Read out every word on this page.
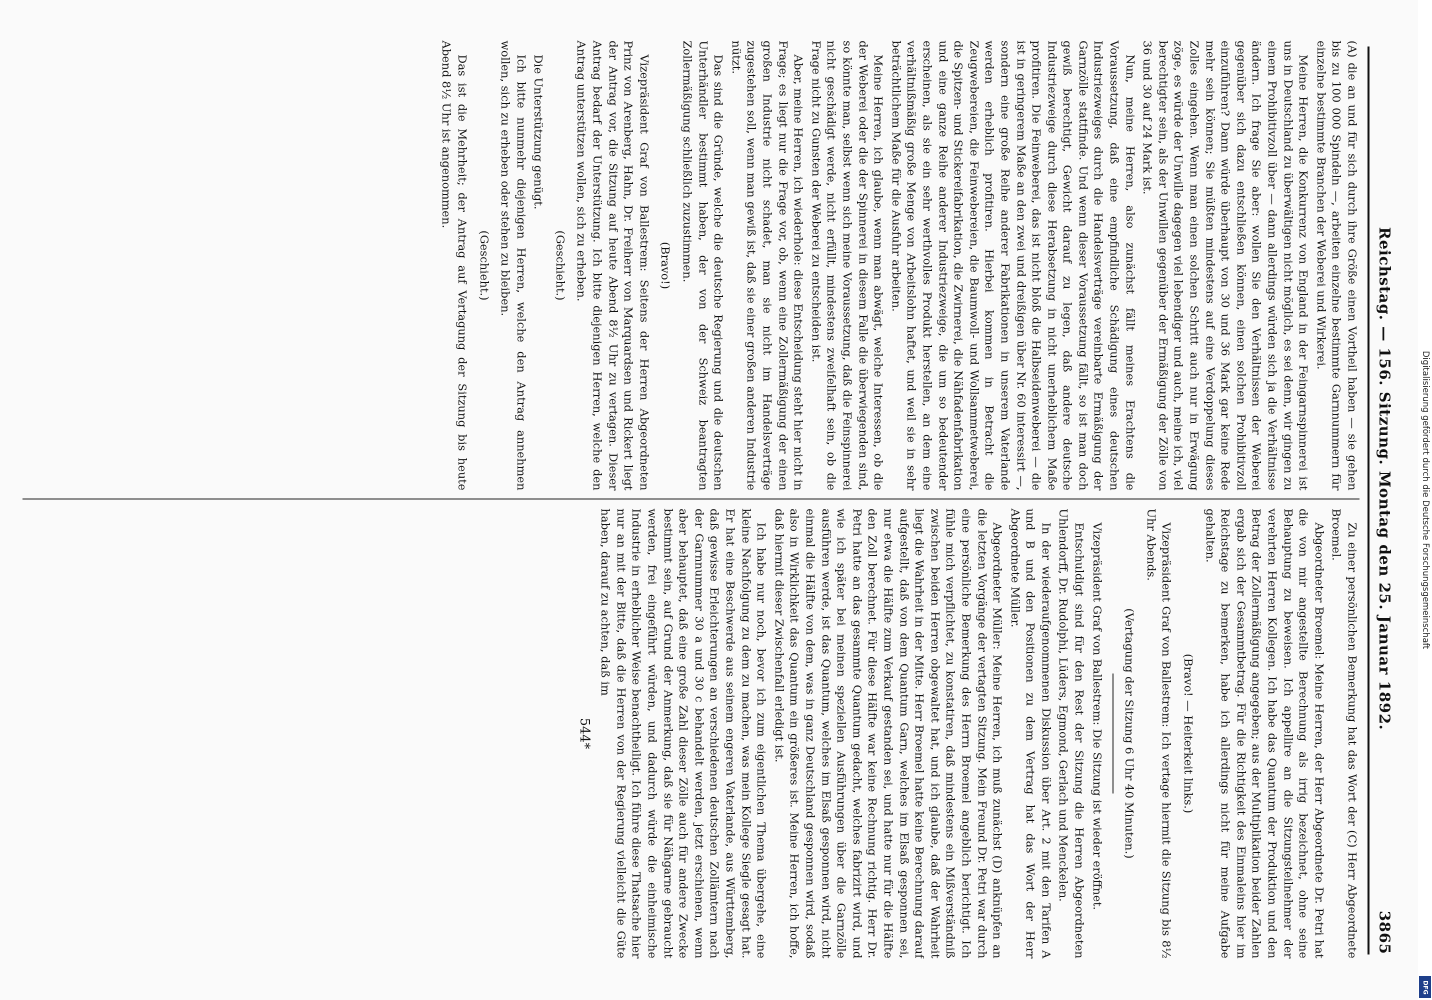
Reichstag. — 156. Sitzung. Montag den 25. Januar 1892.
3865

(A) die an und für sich durch ihre Größe einen Vortheil haben — sie gehen bis zu 100 000 Spindeln —, arbeiten einzelne bestimmte Garnnummern für einzelne bestimmte Branchen der Weberei und Wirkerei.

Meine Herren, die Konkurrenz von England in der Feingarnspinnerei ist uns in Deutschland zu überwältigen nicht möglich, es sei denn, wir gingen zu einem Prohibitivzoll über — dann allerdings würden sich ja die Verhältnisse ändern. Ich frage Sie aber: wollen Sie den Verhältnissen der Weberei gegenüber sich dazu entschließen können, einen solchen Prohibitivzoll einzuführen? Dann würde überhaupt von 30 und 36 Mark gar keine Rede mehr sein können; Sie müßten mindestens auf eine Verdoppelung dieses Zolles eingehen. Wenn man einen solchen Schritt auch nur in Erwägung zöge, es würde der Unwille dagegen viel lebendiger und auch, meine ich, viel berechtigter sein, als der Unwillen gegenüber der Ermäßigung der Zölle von 36 und 30 auf 24 Mark ist.

Nun, meine Herren, also zunächst fällt meines Erachtens die Voraussetzung, daß eine empfindliche Schädigung eines deutschen Industriezweiges durch die Handelsverträge vereinbarte Ermäßigung der Garnzölle stattfinde. Und wenn dieser Voraussetzung fällt, so ist man doch gewiß berechtigt, Gewicht darauf zu legen, daß andere deutsche Industriezweige durch diese Herabsetzung in nicht unerheblichem Maße profitiren. Die Feinweberei, das ist nicht bloß die Halbseidenweberei — die ist in geringerem Maße an den zwei und dreißigen über Nr. 60 interessirt —, sondern eine große Reihe anderer Fabrikationen in unserem Vaterlande werden erheblich profitiren. Hierbei kommen in Betracht die Zeugwebereien, die Feinwebereien, die Baumwoll- und Wollsammetweberei, die Spitzen- und Stickereifabrikation, die Zwirnerei, die Nähfadenfabrikation und eine ganze Reihe anderer Industriezweige, die um so bedeutender erscheinen, als sie ein sehr werthvolles Produkt herstellen, an dem eine verhältnißmäßig große Menge von Arbeitslohn haftet, und weil sie in sehr beträchtlichem Maße für die Ausfuhr arbeiten.

Meine Herren, ich glaube, wenn man abwägt, welche Interessen, ob die der Weberei oder die der Spinnerei in diesem Falle die überwiegenden sind, so könnte man, selbst wenn sich meine Voraussetzung, daß die Feinspinnerei nicht geschädigt werde, nicht erfüllt, mindestens zweifelhaft sein, ob die Frage nicht zu Gunsten der Weberei zu entscheiden ist.

Aber, meine Herren, ich wiederhole: diese Entscheidung steht hier nicht in Frage; es liegt nur die Frage vor, ob, wenn eine Zollermäßigung der einen großen Industrie nicht schadet, man sie nicht im Handelsverträge zugestehen soll, wenn man gewiß ist, daß sie einer großen anderen Industrie nützt.

Das sind die Gründe, welche die deutsche Regierung und die deutschen Unterhändler bestimmt haben, der von der Schweiz beantragten Zollermäßigung schließlich zuzustimmen.

(Bravo!)

Vizepräsident Graf von Ballestrem: Seitens der Herren Abgeordneten Prinz von Arenberg, Hahn, Dr. Freiherr von Marquardsen und Rickert liegt der Antrag vor, die Sitzung auf heute Abend 8½ Uhr zu vertagen. Dieser Antrag bedarf der Unterstützung. Ich bitte diejenigen Herren, welche den Antrag unterstützen wollen, sich zu erheben.

(Geschieht.)

Die Unterstützung genügt.

Ich bitte nunmehr diejenigen Herren, welche den Antrag annehmen wollen, sich zu erheben oder stehen zu bleiben.

(Geschieht.)

Das ist die Mehrheit; der Antrag auf Vertagung der Sitzung bis heute Abend 8½ Uhr ist angenommen.

Zu einer persönlichen Bemerkung hat das Wort der (C) Herr Abgeordnete Broemel.

Abgeordneter Broemel: Meine Herren, der Herr Abgeordnete Dr. Petri hat die von mir angestellte Berechnung als irrig bezeichnet, ohne seine Behauptung zu beweisen. Ich appellire an die Sitzungsteilnehmer der verehrten Herren Kollegen. Ich habe das Quantum der Produktion und den Betrag der Zollermäßigung angegeben; aus der Multiplikation beider Zahlen ergab sich der Gesammtbetrag. Für die Richtigkeit des Einmaleins hier im Reichstage zu bemerken, habe ich allerdings nicht für meine Aufgabe gehalten.

(Bravo! — Heiterkeit links.)

Vizepräsident Graf von Ballestrem: Ich vertage hiermit die Sitzung bis 8½ Uhr Abends.

(Vertagung der Sitzung 6 Uhr 40 Minuten.)

Vizepräsident Graf von Ballestrem: Die Sitzung ist wieder eröffnet.

Entschuldigt sind für den Rest der Sitzung die Herren Abgeordneten Uhlendorff, Dr. Rudolphi, Lüders, Egmond, Gerlach und Menckelen.

In der wiederaufgenommenen Diskussion über Art. 2 mit den Tarifen A und B und den Positionen zu dem Vertrag hat das Wort der Herr Abgeordnete Müller.

Abgeordneter Müller: Meine Herren, ich muß zunächst (D) anknüpfen an die letzten Vorgänge der vertagten Sitzung. Mein Freund Dr. Petri war durch eine persönliche Bemerkung des Herrn Broemel angeblich berichtigt. Ich fühle mich verpflichtet, zu konstatiren, daß mindestens ein Mißverständniß zwischen beiden Herren obgewaltet hat, und ich glaube, daß der Wahrheit liegt die Wahrheit in der Mitte. Herr Broemel hatte keine Berechnung darauf aufgestellt, daß von dem Quantum Garn, welches im Elsaß gesponnen sei, nur etwa die Hälfte zum Verkauf gestanden sei, und hatte nur für die Hälfte den Zoll berechnet. Für diese Hälfte war keine Rechnung richtig. Herr Dr. Petri hatte an das gesammte Quantum gedacht, welches fabrizirt wird, und wie ich später bei meinen speziellen Ausführungen über die Garnzölle ausführen werde, ist das Quantum, welches im Elsaß gesponnen wird, nicht einmal die Hälfte von dem, was in ganz Deutschland gesponnen wird, sodaß also in Wirklichkeit das Quantum ein größeres ist. Meine Herren, ich hoffe, daß hiermit dieser Zwischenfall erledigt ist.

Ich habe nur noch, bevor ich zum eigentlichen Thema übergehe, eine kleine Nachfolgung zu dem zu machen, was mein Kollege Siegle gesagt hat. Er hat eine Beschwerde aus seinem engeren Vaterlande, aus Württemberg, daß gewisse Erleichterungen an verschiedenen deutschen Zollämtern nach der Garnnummer 30 a und 30 c behandelt werden, jetzt erschienen, wenn aber behauptet, daß eine große Zahl dieser Zölle auch für andere Zwecke bestimmt sein, auf Grund der Anmerkung, daß sie für Nähgarne gebraucht werden, frei eingeführt würden, und dadurch würde die einheimische Industrie in erheblicher Weise benachtheiligt. Ich führe diese Thatsache hier nur an mit der Bitte, daß die Herren von der Regierung vielleicht die Güte haben, darauf zu achten, daß im

544*
Digitalisierung gefördert durch die Deutsche Forschungsgemeinschaft
DFG
